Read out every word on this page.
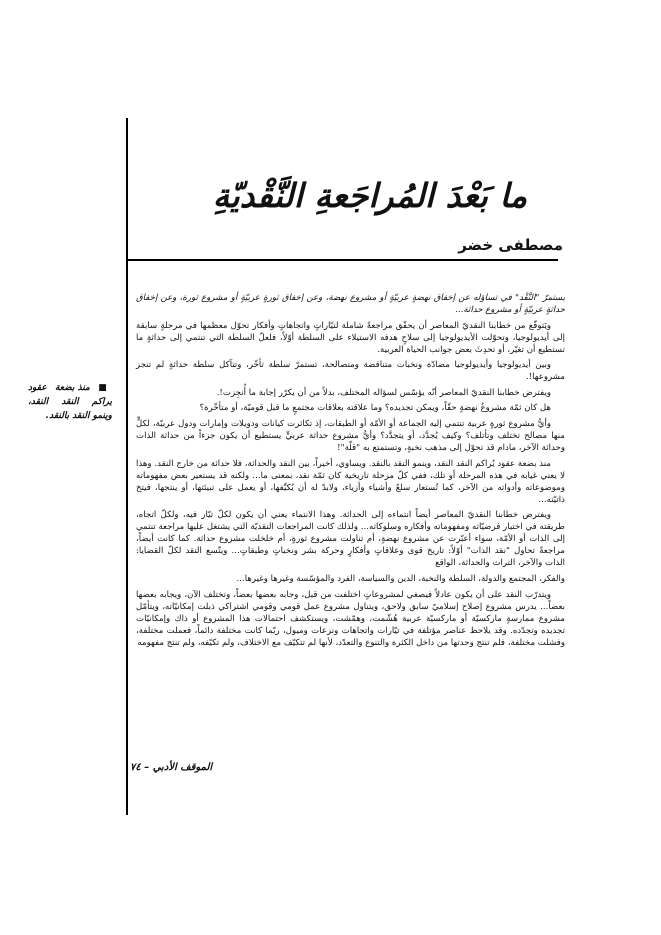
ما بَعْدَ المُراجَعةِ النَّقْديّةِ
مصطفى خضر

يستمرّ "النَّقْد" في تساؤله عن إخفاق نهضةٍ عربيّةٍ أو مشروع نهضة، وعن إخفاق ثورةٍ عربيّةٍ أو مشروع ثورة، وعن إخفاق حداثةٍ عربيّةٍ أو مشروع حداثة...

ويَتوقّع من خطابنا النقديّ المعاصر أن يحقّق مراجعةً شاملة لتيّاراتٍ واتجاهاتٍ وأفكار تحوّل معظمها في مرحلةٍ سابقة إلى أيديولوجيا، وتحوّلت الأيديولوجيا إلى سلاحٍ هدفه الاستيلاء على السلطة أوّلاً، فلعلّ السلطة التي تنتمي إلى حداثةٍ ما تستطيع أن تغيّر، أو تحدِثَ بعض جوانب الحياة العربية.

وبين أيديولوجيا وأيديولوجيا مضادّة ونخبات متناقضة ومتصالحة، تستمرّ سلطة تأخّر، وتتآكل سلطة حداثةٍ لم تنجز مشروعها!.

ويفترض خطابنا النقديّ المعاصر أنّه يؤسّس لسؤاله المختلف، بدلاً من أن يكرّر إجابة ما أُنجِزت!.

هل كان ثمّة مشروعُ نهضةٍ حقّاً، ويمكن تجديده؟ وما علاقته بعلاقات مجتمعٍ ما قبل قوميّة، أو متأخّرة؟

وأيُّ مشروع ثورةٍ عربية تنتمي إليه الجماعة أو الأمّة أو الطبقات، إذ تكاثرت كيانات ودويلات وإمارات ودول عربيّة، لكلٍّ منها مصالح تختلف وتأتلف؟ وكيف يُجدَّد، أو يتجدَّد؟ وأيُّ مشروع حداثة عربيٍّ يستطيع أن يكون جزءاً من حداثة الذات وحداثة الآخر، مادام قد تحوّل إلى مذهب نخبةٍ، وتستمتع به "قلّة"!

منذ بضعة عقود يُراكم النقد النقد، وينمو النقد بالنقد. ويساوي، أخيراً، بين النقد والحداثة، فلا حداثة من خارج النقد. وهذا لا يعني غيابه في هذه المرحلة أو تلك، ففي كلّ مرحلة تاريخية كان ثمّة نقد، بمعنى ما... ولكنه قد يستعير بعض مفهوماته وموضوعاته وأدواته من الآخر، كما تُستعار سلعٌ وأشياء وأزياء، ولابدّ له أن يُكيِّفها، أو يعمل على تبيئتها، أو ينتجها، فيتخ ذاتيّته...

ويفترض خطابنا النقديّ المعاصر أيضاً انتماءه إلى الحداثة. وهذا الانتماء يعني أن يكون لكلّ تيّار فيه، ولكلّ اتجاه، طريقته في اختبار فرضيّاته ومفهوماته وأفكاره وسلوكاته... ولذلك كانت المراجعات النقديّة التي يشتغل عليها مراجعة تنتمي إلى الذات أو الأمّة، سواء أعبّرت عن مشروع نهضةٍ، أم تناولت مشروع ثورةٍ، أم خلخلت مشروع حداثة. كما كانت أيضاً، مراجعةً تحاول "نقد الذات" أوّلاً: تاريخ قوى وعلاقاتٍ وأفكارٍ وحركة بشر ونخباتٍ وطبقاتٍ... ويتّسع النقد لكلّ القضايا: الذات والآخر، التراث والحداثة، الواقع

والفكر، المجتمع والدولة، السلطة والنخبة، الدين والسياسة، الفرد والمؤسّسة وغيرها وغيرها...

ويتدرّب النقد على أن يكون عادلاً فيصغي لمشروعاتٍ اختلفت من قبل، وجابه بعضها بعضاً، وتختلف الآن، ويجابه بعضها بعضاً... يدرس مشروع إصلاح إسلاميّ سابق ولاحق، ويتناول مشروع عمل قومي وقومي اشتراكي ذبلت إمكانيّاته، ويتأمّل مشروع ممارسةٍ ماركسيّة أو ماركسيّة عربية هُشّمت، وهمّشت، ويستكشف احتمالات هذا المشروع أو ذاك وإمكانيّات تجديده وتجدّده. وقد يلاحظ عناصر مؤتلفة في تيّارات واتجاهات ونزعات وميول، ربّما كانت مختلفة دائماً، فعملت مختلفة، وفشلت مختلفة، فلم تنتج وحدتها من داخل الكثرة والتنوع والتعدّد، لأنها لم تتكيّف مع الاختلاف، ولم تكيّفه، ولم تنتج مفهومه

■ منذ بضعة عقود يراكم النقد النقد، وينمو النقد بالنقد.
الموقف الأدبي – ٧٤
